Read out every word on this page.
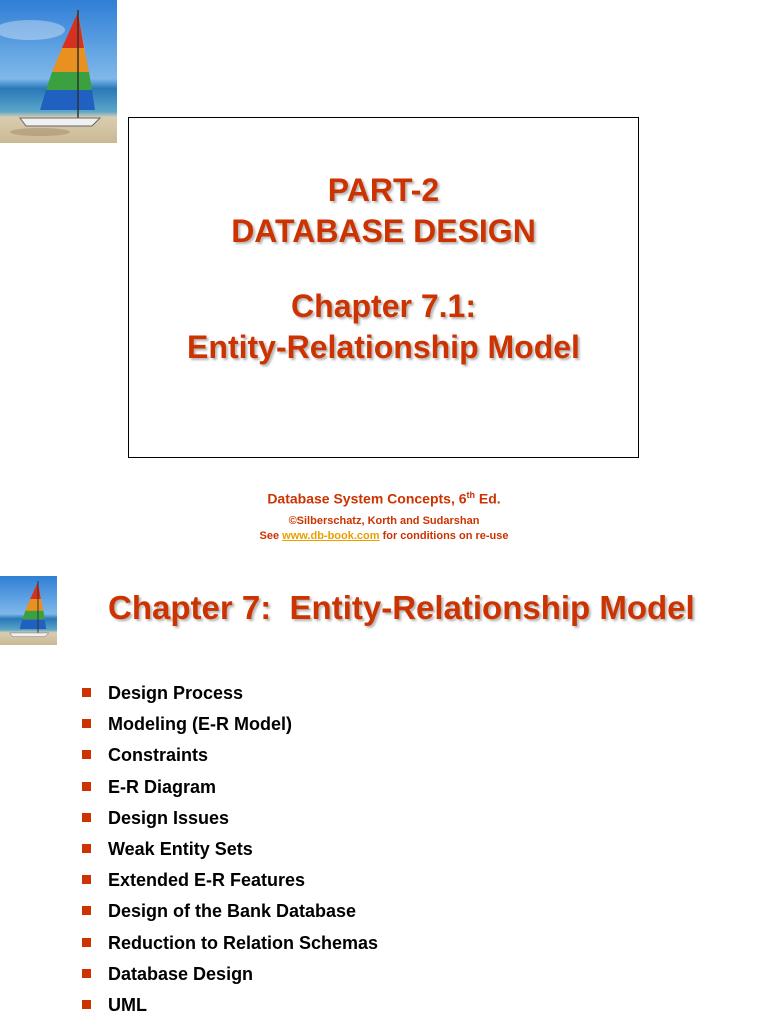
PART-2
DATABASE DESIGN
Chapter 7.1:
Entity-Relationship Model
Database System Concepts, 6th Ed.
©Silberschatz, Korth and Sudarshan
See www.db-book.com for conditions on re-use
Chapter 7:  Entity-Relationship Model
Design Process
Modeling (E-R Model)
Constraints
E-R Diagram
Design Issues
Weak Entity Sets
Extended E-R Features
Design of the Bank Database
Reduction to Relation Schemas
Database Design
UML
